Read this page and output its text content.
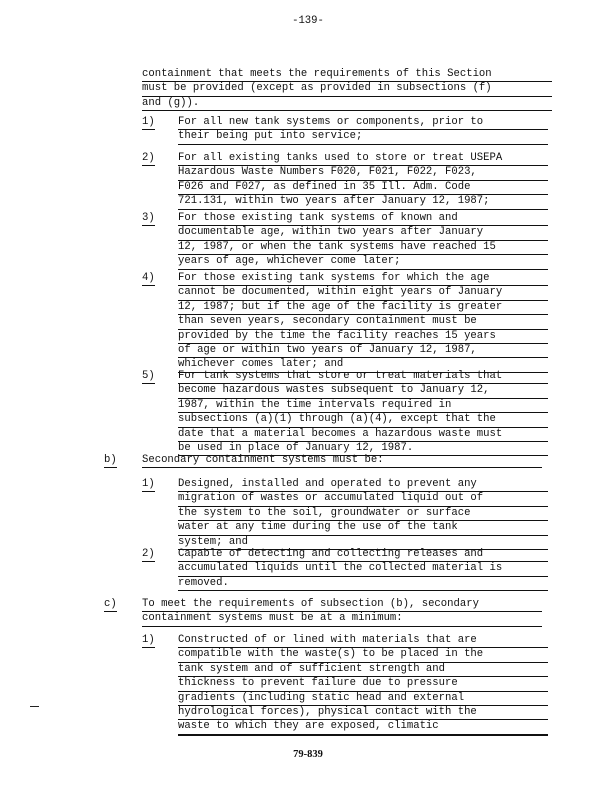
-139-
containment that meets the requirements of this Section
must be provided (except as provided in subsections (f)
and (g)).
1) For all new tank systems or components, prior to
their being put into service;
2) For all existing tanks used to store or treat USEPA
Hazardous Waste Numbers F020, F021, F022, F023,
F026 and F027, as defined in 35 Ill. Adm. Code
721.131, within two years after January 12, 1987;
3) For those existing tank systems of known and
documentable age, within two years after January
12, 1987, or when the tank systems have reached 15
years of age, whichever come later;
4) For those existing tank systems for which the age
cannot be documented, within eight years of January
12, 1987; but if the age of the facility is greater
than seven years, secondary containment must be
provided by the time the facility reaches 15 years
of age or within two years of January 12, 1987,
whichever comes later; and
5) For tank systems that store or treat materials that
become hazardous wastes subsequent to January 12,
1987, within the time intervals required in
subsections (a)(1) through (a)(4), except that the
date that a material becomes a hazardous waste must
be used in place of January 12, 1987.
b) Secondary containment systems must be:
1) Designed, installed and operated to prevent any
migration of wastes or accumulated liquid out of
the system to the soil, groundwater or surface
water at any time during the use of the tank
system; and
2) Capable of detecting and collecting releases and
accumulated liquids until the collected material is
removed.
c) To meet the requirements of subsection (b), secondary
containment systems must be at a minimum:
1) Constructed of or lined with materials that are
compatible with the waste(s) to be placed in the
tank system and of sufficient strength and
thickness to prevent failure due to pressure
gradients (including static head and external
hydrological forces), physical contact with the
waste to which they are exposed, climatic
79-839
